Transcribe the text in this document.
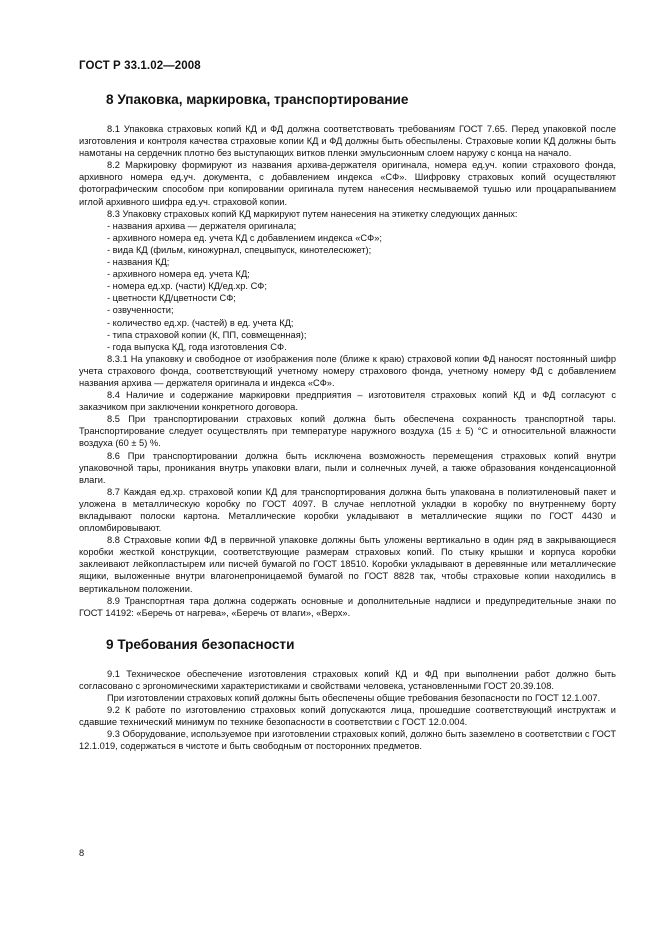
ГОСТ Р 33.1.02—2008
8 Упаковка, маркировка, транспортирование

8.1 Упаковка страховых копий КД и ФД должна соответствовать требованиям ГОСТ 7.65. Перед упаковкой после изготовления и контроля качества страховые копии КД и ФД должны быть обеспылены. Страховые копии КД должны быть намотаны на сердечник плотно без выступающих витков пленки эмульсионным слоем наружу с конца на начало.

8.2 Маркировку формируют из названия архива-держателя оригинала, номера ед.уч. копии страхового фонда, архивного номера ед.уч. документа, с добавлением индекса «СФ». Шифровку страховых копий осуществляют фотографическим способом при копировании оригинала путем нанесения несмываемой тушью или процарапыванием иглой архивного шифра ед.уч. страховой копии.

8.3 Упаковку страховых копий КД маркируют путем нанесения на этикетку следующих данных:

- названия архива — держателя оригинала;
- архивного номера ед. учета КД с добавлением индекса «СФ»;
- вида КД (фильм, киножурнал, спецвыпуск, кинотелесюжет);
- названия КД;
- архивного номера ед. учета КД;
- номера ед.хр. (части) КД/ед.хр. СФ;
- цветности КД/цветности СФ;
- озвученности;
- количество ед.хр. (частей) в ед. учета КД;
- типа страховой копии (К, ПП, совмещенная);
- года выпуска КД, года изготовления СФ.

8.3.1 На упаковку и свободное от изображения поле (ближе к краю) страховой копии ФД наносят постоянный шифр учета страхового фонда, соответствующий учетному номеру страхового фонда, учетному номеру ФД с добавлением названия архива — держателя оригинала и индекса «СФ».

8.4 Наличие и содержание маркировки предприятия – изготовителя страховых копий КД и ФД согласуют с заказчиком при заключении конкретного договора.

8.5 При транспортировании страховых копий должна быть обеспечена сохранность транспортной тары. Транспортирование следует осуществлять при температуре наружного воздуха (15 ± 5) °С и относительной влажности воздуха (60 ± 5) %.

8.6 При транспортировании должна быть исключена возможность перемещения страховых копий внутри упаковочной тары, проникания внутрь упаковки влаги, пыли и солнечных лучей, а также образования конденсационной влаги.

8.7 Каждая ед.хр. страховой копии КД для транспортирования должна быть упакована в полиэтиленовый пакет и уложена в металлическую коробку по ГОСТ 4097. В случае неплотной укладки в коробку по внутреннему борту вкладывают полоски картона. Металлические коробки укладывают в металлические ящики по ГОСТ 4430 и опломбировывают.

8.8 Страховые копии ФД в первичной упаковке должны быть уложены вертикально в один ряд в закрывающиеся коробки жесткой конструкции, соответствующие размерам страховых копий. По стыку крышки и корпуса коробки заклеивают лейкопластырем или писчей бумагой по ГОСТ 18510. Коробки укладывают в деревянные или металлические ящики, выложенные внутри влагонепроницаемой бумагой по ГОСТ 8828 так, чтобы страховые копии находились в вертикальном положении.

8.9 Транспортная тара должна содержать основные и дополнительные надписи и предупредительные знаки по ГОСТ 14192: «Беречь от нагрева», «Беречь от влаги», «Верх».

9 Требования безопасности

9.1 Техническое обеспечение изготовления страховых копий КД и ФД при выполнении работ должно быть согласовано с эргономическими характеристиками и свойствами человека, установленными ГОСТ 20.39.108.

При изготовлении страховых копий должны быть обеспечены общие требования безопасности по ГОСТ 12.1.007.

9.2 К работе по изготовлению страховых копий допускаются лица, прошедшие соответствующий инструктаж и сдавшие технический минимум по технике безопасности в соответствии с ГОСТ 12.0.004.

9.3 Оборудование, используемое при изготовлении страховых копий, должно быть заземлено в соответствии с ГОСТ 12.1.019, содержаться в чистоте и быть свободным от посторонних предметов.

8
